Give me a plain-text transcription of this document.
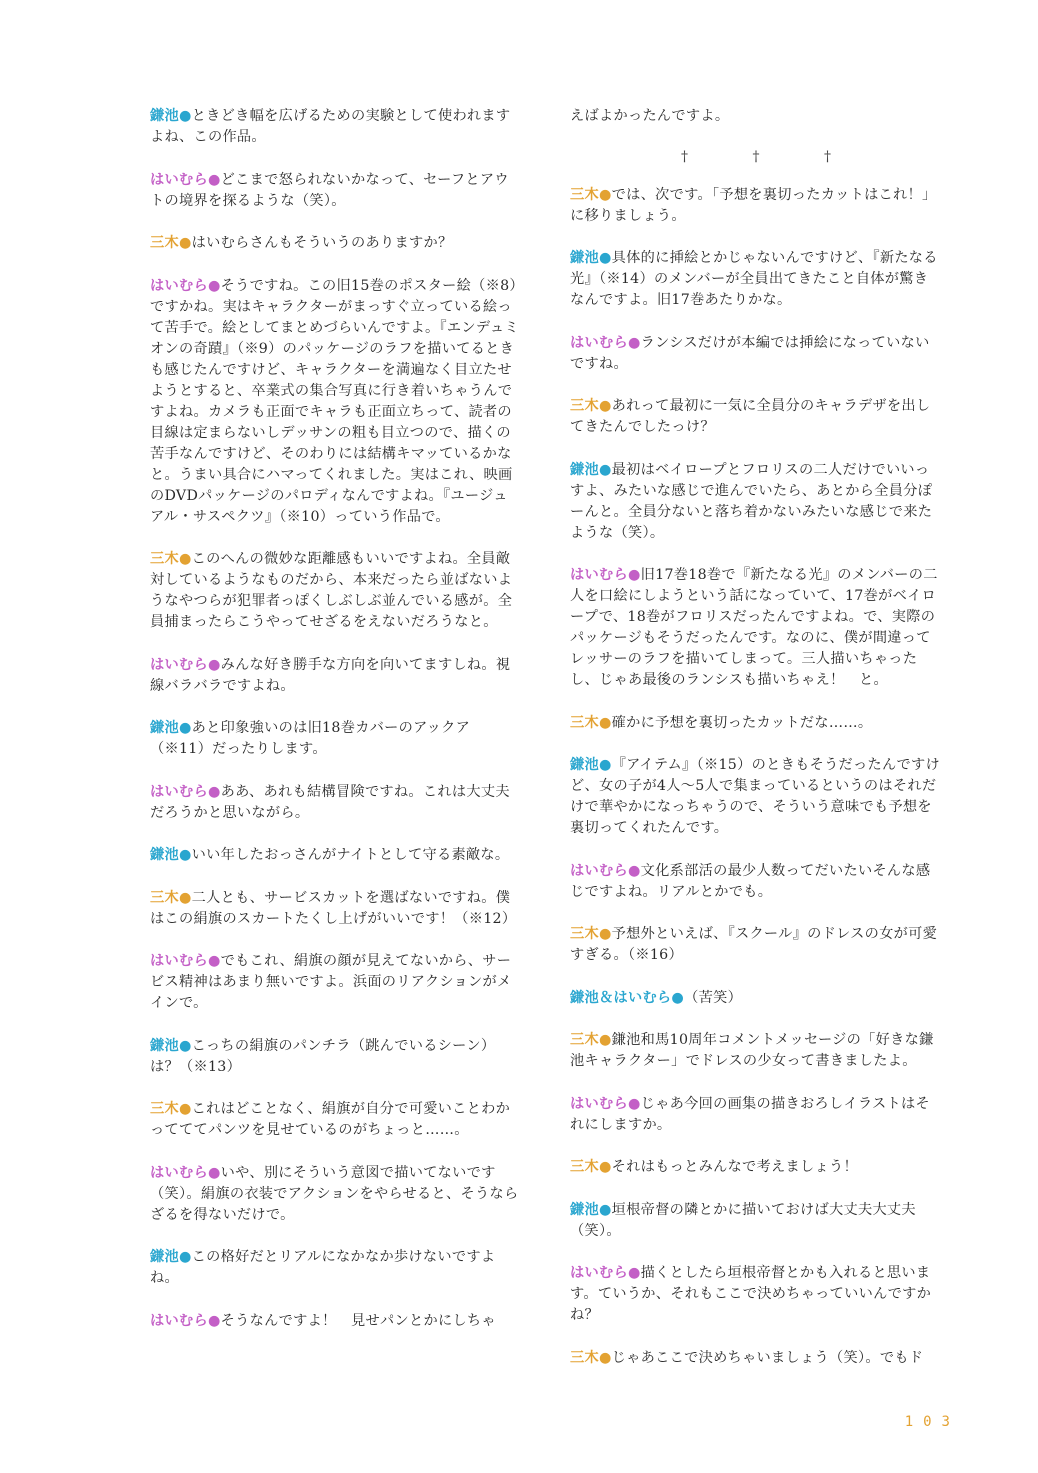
鎌池●ときどき幅を広げるための実験として使われますよね、この作品。

はいむら●どこまで怒られないかなって、セーフとアウトの境界を探るような（笑）。

三木●はいむらさんもそういうのありますか？

はいむら●そうですね。この旧15巻のポスター絵（※8）ですかね。実はキャラクターがまっすぐ立っている絵って苦手で。絵としてまとめづらいんですよ。『エンデュミオンの奇蹟』（※9）のパッケージのラフを描いてるときも感じたんですけど、キャラクターを満遍なく目立たせようとすると、卒業式の集合写真に行き着いちゃうんですよね。カメラも正面でキャラも正面立ちって、読者の目線は定まらないしデッサンの粗も目立つので、描くの苦手なんですけど、そのわりには結構キマッているかなと。うまい具合にハマってくれました。実はこれ、映画のDVDパッケージのパロディなんですよね。『ユージュアル・サスペクツ』（※10）っていう作品で。

三木●このへんの微妙な距離感もいいですよね。全員敵対しているようなものだから、本来だったら並ばないようなやつらが犯罪者っぽくしぶしぶ並んでいる感が。全員捕まったらこうやってせざるをえないだろうなと。

はいむら●みんな好き勝手な方向を向いてますしね。視線バラバラですよね。

鎌池●あと印象強いのは旧18巻カバーのアックア（※11）だったりします。

はいむら●ああ、あれも結構冒険ですね。これは大丈夫だろうかと思いながら。

鎌池●いい年したおっさんがナイトとして守る素敵な。

三木●二人とも、サービスカットを選ばないですね。僕はこの絹旗のスカートたくし上げがいいです！（※12）

はいむら●でもこれ、絹旗の顔が見えてないから、サービス精神はあまり無いですよ。浜面のリアクションがメインで。

鎌池●こっちの絹旗のパンチラ（跳んでいるシーン）は？（※13）

三木●これはどことなく、絹旗が自分で可愛いことわかってててパンツを見せているのがちょっと……。

はいむら●いや、別にそういう意図で描いてないです（笑）。絹旗の衣装でアクションをやらせると、そうならざるを得ないだけで。

鎌池●この格好だとリアルになかなか歩けないですよね。

はいむら●そうなんですよ！　見せパンとかにしちゃ

えばよかったんですよ。

† † †

三木●では、次です。「予想を裏切ったカットはこれ！」に移りましょう。

鎌池●具体的に挿絵とかじゃないんですけど、『新たなる光』（※14）のメンバーが全員出てきたこと自体が驚きなんですよ。旧17巻あたりかな。

はいむら●ランシスだけが本編では挿絵になっていないですね。

三木●あれって最初に一気に全員分のキャラデザを出してきたんでしたっけ？

鎌池●最初はベイロープとフロリスの二人だけでいいっすよ、みたいな感じで進んでいたら、あとから全員分ぽーんと。全員分ないと落ち着かないみたいな感じで来たような（笑）。

はいむら●旧17巻18巻で『新たなる光』のメンバーの二人を口絵にしようという話になっていて、17巻がベイロープで、18巻がフロリスだったんですよね。で、実際のパッケージもそうだったんです。なのに、僕が間違ってレッサーのラフを描いてしまって。三人描いちゃったし、じゃあ最後のランシスも描いちゃえ！　と。

三木●確かに予想を裏切ったカットだな……。

鎌池●『アイテム』（※15）のときもそうだったんですけど、女の子が4人～5人で集まっているというのはそれだけで華やかになっちゃうので、そういう意味でも予想を裏切ってくれたんです。

はいむら●文化系部活の最少人数ってだいたいそんな感じですよね。リアルとかでも。

三木●予想外といえば、『スクール』のドレスの女が可愛すぎる。（※16）

鎌池＆はいむら●（苦笑）

三木●鎌池和馬10周年コメントメッセージの「好きな鎌池キャラクター」でドレスの少女って書きましたよ。

はいむら●じゃあ今回の画集の描きおろしイラストはそれにしますか。

三木●それはもっとみんなで考えましょう！

鎌池●垣根帝督の隣とかに描いておけば大丈夫大丈夫（笑）。

はいむら●描くとしたら垣根帝督とかも入れると思います。ていうか、それもここで決めちゃっていいんですかね？

三木●じゃあここで決めちゃいましょう（笑）。でもド

103
